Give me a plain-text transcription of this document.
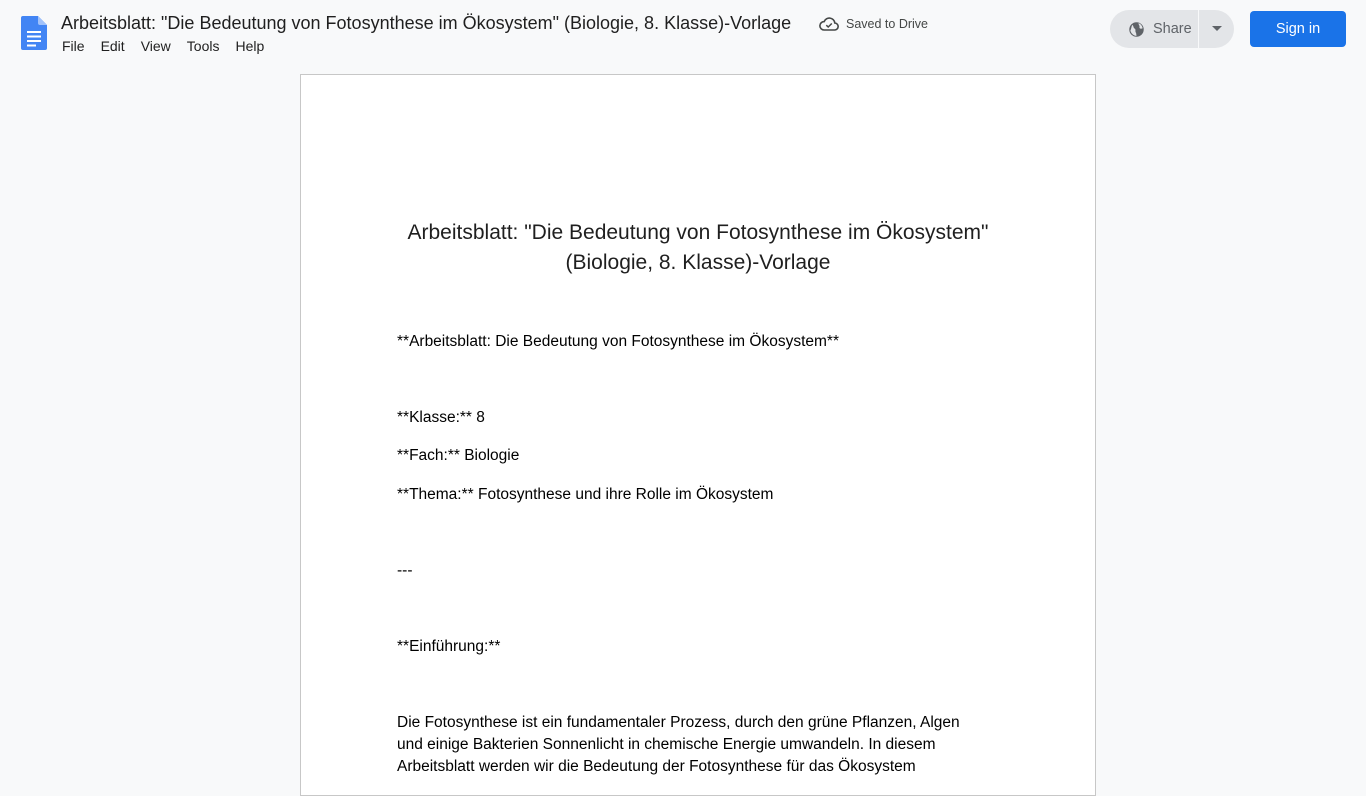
Arbeitsblatt: "Die Bedeutung von Fotosynthese im Ökosystem" (Biologie, 8. Klasse)-Vorlage	Saved to Drive
File	Edit	View	Tools	Help
Share	Sign in
Arbeitsblatt: "Die Bedeutung von Fotosynthese im Ökosystem"
(Biologie, 8. Klasse)-Vorlage
**Arbeitsblatt: Die Bedeutung von Fotosynthese im Ökosystem**
**Klasse:** 8
**Fach:** Biologie
**Thema:** Fotosynthese und ihre Rolle im Ökosystem
---
**Einführung:**
Die Fotosynthese ist ein fundamentaler Prozess, durch den grüne Pflanzen, Algen und einige Bakterien Sonnenlicht in chemische Energie umwandeln. In diesem Arbeitsblatt werden wir die Bedeutung der Fotosynthese für das Ökosystem
